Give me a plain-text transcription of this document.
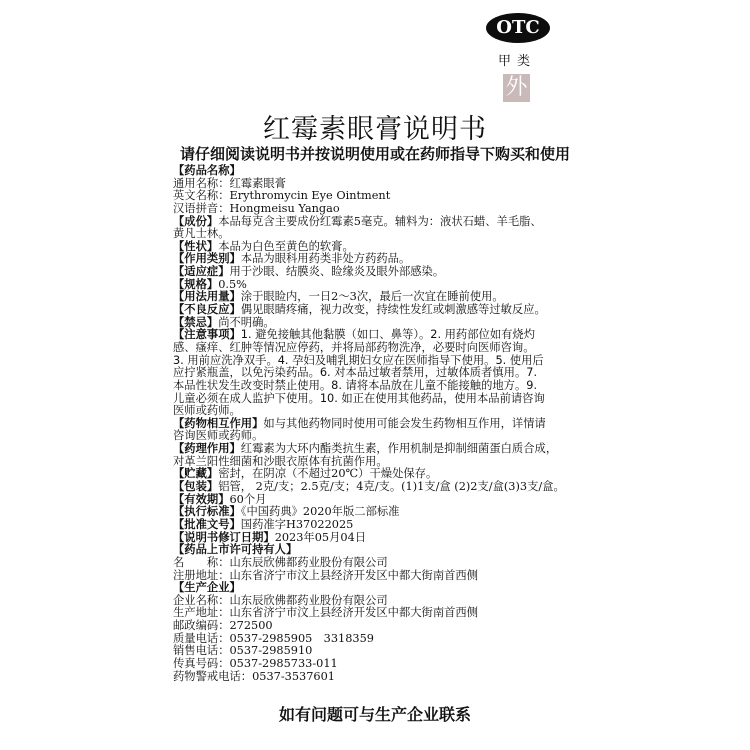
OTC
甲类
外
红霉素眼膏说明书
请仔细阅读说明书并按说明使用或在药师指导下购买和使用
【药品名称】
通用名称：红霉素眼膏
英文名称：Erythromycin Eye Ointment
汉语拼音：Hongmeisu Yangao
【成份】本品每克含主要成份红霉素5毫克。辅料为：液状石蜡、羊毛脂、
黄凡士林。
【性状】本品为白色至黄色的软膏。
【作用类别】本品为眼科用药类非处方药药品。
【适应症】用于沙眼、结膜炎、睑缘炎及眼外部感染。
【规格】0.5%
【用法用量】涂于眼睑内，一日2～3次，最后一次宜在睡前使用。
【不良反应】偶见眼睛疼痛，视力改变，持续性发红或刺激感等过敏反应。
【禁忌】尚不明确。
【注意事项】1. 避免接触其他黏膜（如口、鼻等）。2. 用药部位如有烧灼
感、瘙痒、红肿等情况应停药，并将局部药物洗净，必要时向医师咨询。
3. 用前应洗净双手。4. 孕妇及哺乳期妇女应在医师指导下使用。5. 使用后
应拧紧瓶盖，以免污染药品。6. 对本品过敏者禁用，过敏体质者慎用。7.
本品性状发生改变时禁止使用。8. 请将本品放在儿童不能接触的地方。9.
儿童必须在成人监护下使用。10. 如正在使用其他药品，使用本品前请咨询
医师或药师。
【药物相互作用】如与其他药物同时使用可能会发生药物相互作用，详情请
咨询医师或药师。
【药理作用】红霉素为大环内酯类抗生素，作用机制是抑制细菌蛋白质合成，
对革兰阳性细菌和沙眼衣原体有抗菌作用。
【贮藏】密封，在阴凉（不超过20℃）干燥处保存。
【包装】铝管， 2克/支；2.5克/支；4克/支。(1)1支/盒 (2)2支/盒(3)3支/盒。
【有效期】60个月
【执行标准】《中国药典》2020年版二部标准
【批准文号】国药准字H37022025
【说明书修订日期】2023年05月04日
【药品上市许可持有人】
名　　称：山东辰欣佛都药业股份有限公司
注册地址：山东省济宁市汶上县经济开发区中都大街南首西侧
【生产企业】
企业名称：山东辰欣佛都药业股份有限公司
生产地址：山东省济宁市汶上县经济开发区中都大街南首西侧
邮政编码：272500
质量电话：0537-2985905　3318359
销售电话：0537-2985910
传真号码：0537-2985733-011
药物警戒电话：0537-3537601
如有问题可与生产企业联系
